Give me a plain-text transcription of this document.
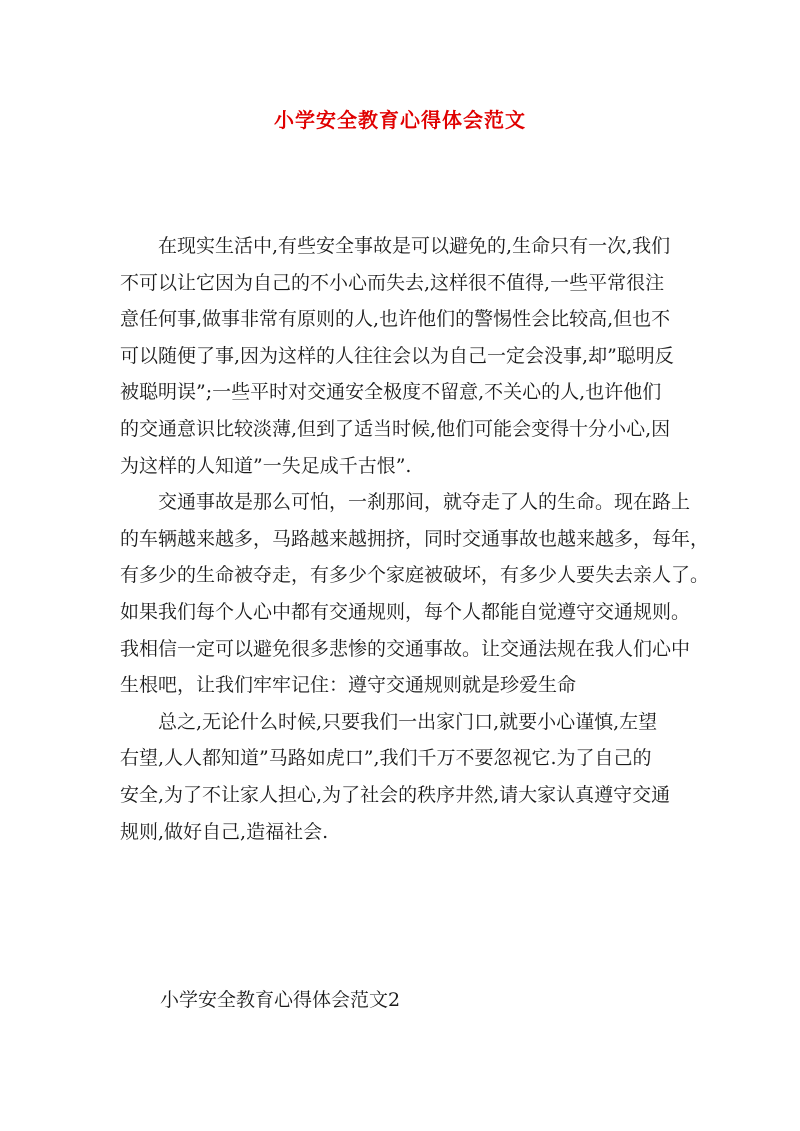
小学安全教育心得体会范文
在现实生活中,有些安全事故是可以避免的,生命只有一次,我们
不可以让它因为自己的不小心而失去,这样很不值得,一些平常很注
意任何事,做事非常有原则的人,也许他们的警惕性会比较高,但也不
可以随便了事,因为这样的人往往会以为自己一定会没事,却”聪明反
被聪明误”;一些平时对交通安全极度不留意,不关心的人,也许他们
的交通意识比较淡薄,但到了适当时候,他们可能会变得十分小心,因
为这样的人知道”一失足成千古恨”.
交通事故是那么可怕，一刹那间，就夺走了人的生命。现在路上
的车辆越来越多，马路越来越拥挤，同时交通事故也越来越多，每年，
有多少的生命被夺走，有多少个家庭被破坏，有多少人要失去亲人了。
如果我们每个人心中都有交通规则，每个人都能自觉遵守交通规则。
我相信一定可以避免很多悲惨的交通事故。让交通法规在我人们心中
生根吧，让我们牢牢记住：遵守交通规则就是珍爱生命
总之,无论什么时候,只要我们一出家门口,就要小心谨慎,左望
右望,人人都知道”马路如虎口”,我们千万不要忽视它.为了自己的
安全,为了不让家人担心,为了社会的秩序井然,请大家认真遵守交通
规则,做好自己,造福社会.
小学安全教育心得体会范文2
